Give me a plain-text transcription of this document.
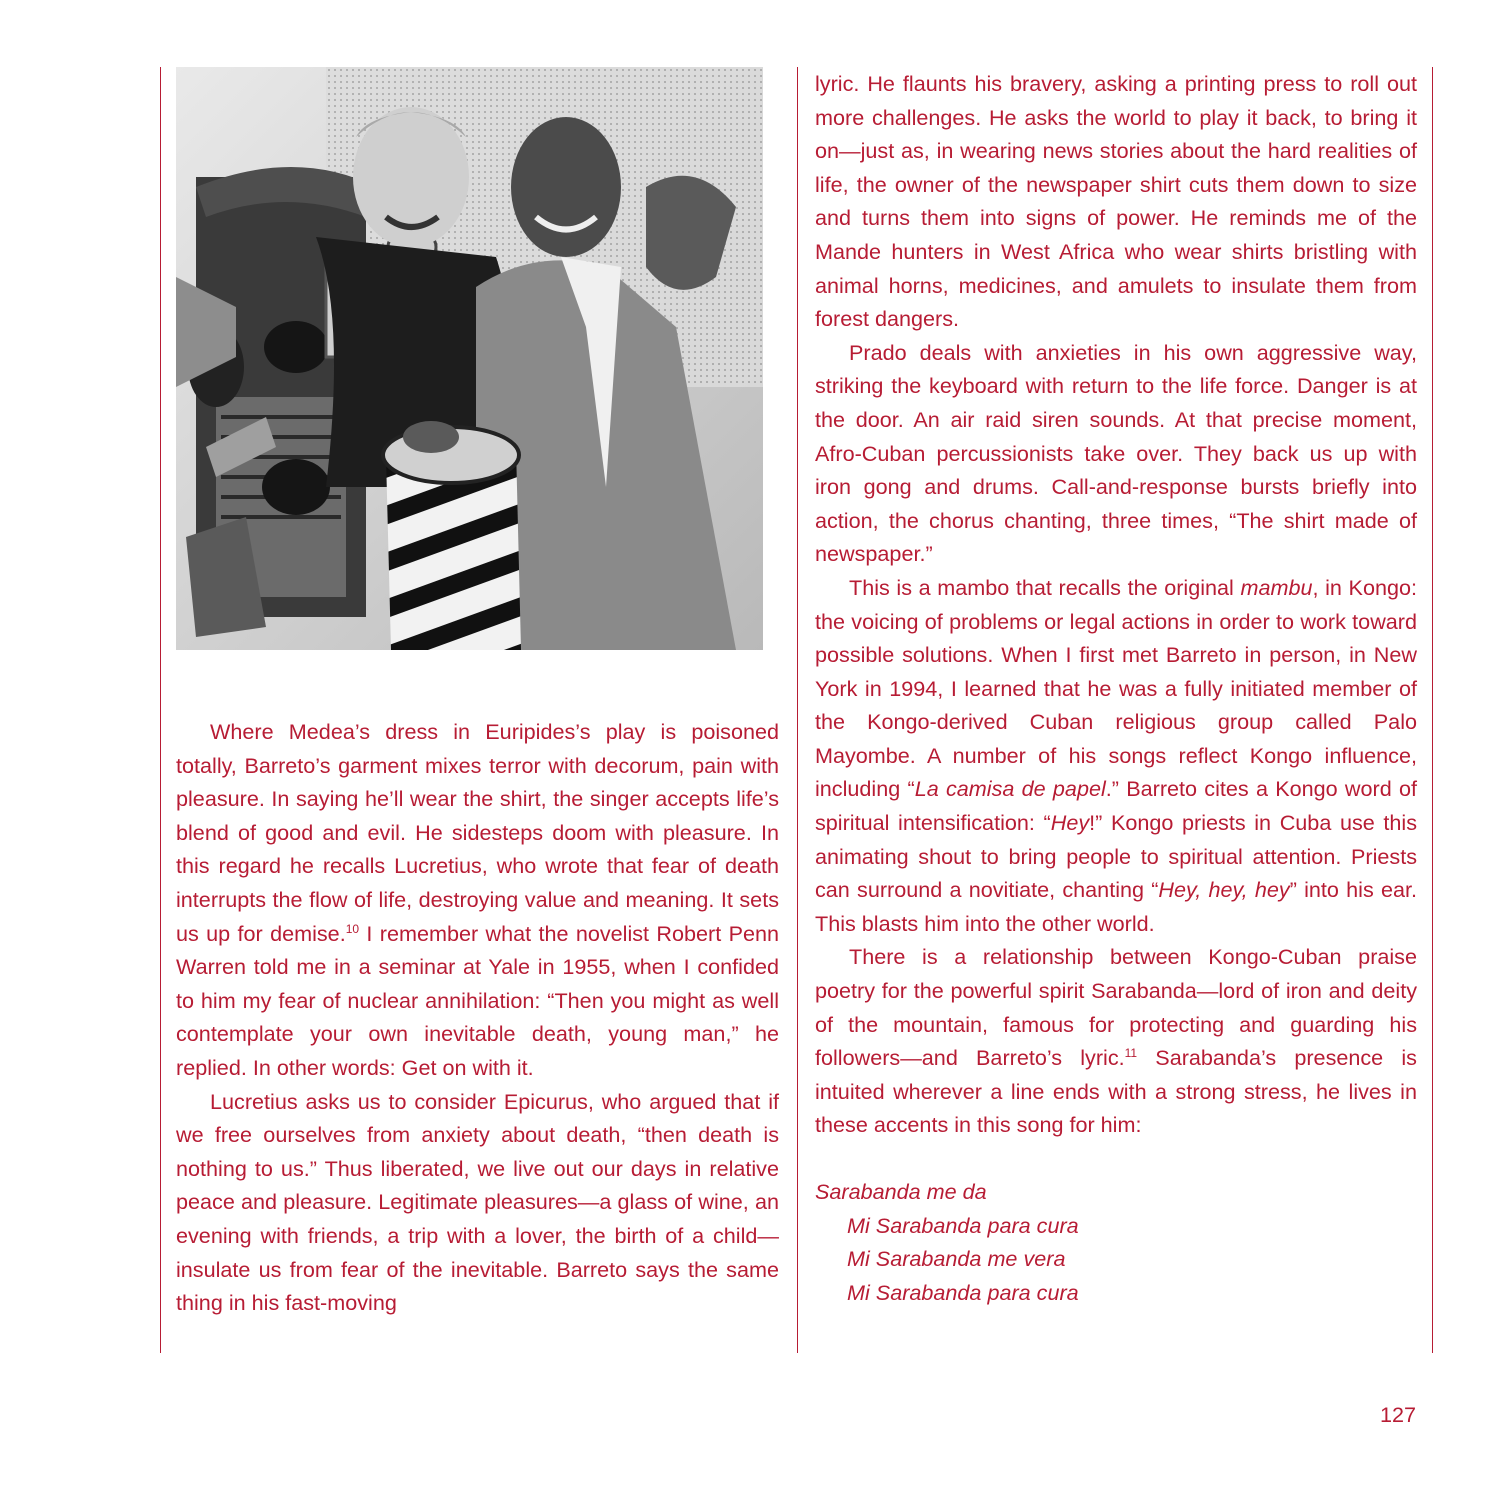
Where Medea’s dress in Euripides’s play is poisoned totally, Barreto’s garment mixes terror with decorum, pain with pleasure. In saying he’ll wear the shirt, the singer accepts life’s blend of good and evil. He sidesteps doom with pleasure. In this regard he recalls Lucretius, who wrote that fear of death interrupts the flow of life, destroying value and meaning. It sets us up for demise.$^{10}$ I remember what the novelist Robert Penn Warren told me in a seminar at Yale in 1955, when I confided to him my fear of nuclear annihilation: “Then you might as well contemplate your own inevitable death, young man,” he replied. In other words: Get on with it.

Lucretius asks us to consider Epicurus, who argued that if we free ourselves from anxiety about death, “then death is nothing to us.” Thus liberated, we live out our days in relative peace and pleasure. Legitimate pleasures—a glass of wine, an evening with friends, a trip with a lover, the birth of a child—insulate us from fear of the inevitable. Barreto says the same thing in his fast-moving

lyric. He flaunts his bravery, asking a printing press to roll out more challenges. He asks the world to play it back, to bring it on—just as, in wearing news stories about the hard realities of life, the owner of the newspaper shirt cuts them down to size and turns them into signs of power. He reminds me of the Mande hunters in West Africa who wear shirts bristling with animal horns, medicines, and amulets to insulate them from forest dangers.

Prado deals with anxieties in his own aggressive way, striking the keyboard with return to the life force. Danger is at the door. An air raid siren sounds. At that precise moment, Afro-Cuban percussionists take over. They back us up with iron gong and drums. Call-and-response bursts briefly into action, the chorus chanting, three times, “The shirt made of newspaper.”

This is a mambo that recalls the original mambu, in Kongo: the voicing of problems or legal actions in order to work toward possible solutions. When I first met Barreto in person, in New York in 1994, I learned that he was a fully initiated member of the Kongo-derived Cuban religious group called Palo Mayombe. A number of his songs reflect Kongo influence, including “La camisa de papel.” Barreto cites a Kongo word of spiritual intensification: “Hey!” Kongo priests in Cuba use this animating shout to bring people to spiritual attention. Priests can surround a novitiate, chanting “Hey, hey, hey” into his ear. This blasts him into the other world.

There is a relationship between Kongo-Cuban praise poetry for the powerful spirit Sarabanda—lord of iron and deity of the mountain, famous for protecting and guarding his followers—and Barreto’s lyric.$^{11}$ Sarabanda’s presence is intuited wherever a line ends with a strong stress, he lives in these accents in this song for him:

Sarabanda me da
Mi Sarabanda para cura
Mi Sarabanda me vera
Mi Sarabanda para cura
127
